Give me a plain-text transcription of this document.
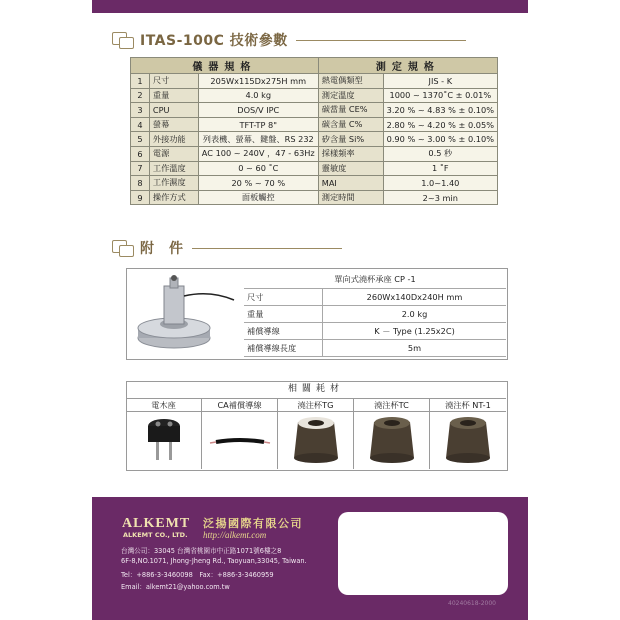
ITAS-100C 技術參數
儀器規格			測定規格	
1	尺寸	205Wx115Dx275H mm	熱電偶類型	JIS - K
2	重量	4.0 kg	測定溫度	1000 ~ 1370˚C ± 0.01%
3	CPU	DOS/V IPC	碳當量 CE%	3.20 % ~ 4.83 % ± 0.10%
4	螢幕	TFT-TP 8"	碳含量 C%	2.80 % ~ 4.20 % ± 0.05%
5	外接功能	列表機、螢幕、鍵盤、RS 232	矽含量 Si%	0.90 % ~ 3.00 % ± 0.10%
6	電源	AC 100 ~ 240V ，47 - 63Hz	採樣頻率	0.5 秒
7	工作溫度	0 ~ 60 ˚C	靈敏度	1 ˚F
8	工作濕度	20 % ~ 70 %	MAI	1.0~1.40
9	操作方式	面板觸控	測定時間	2~3 min
附　件
單向式澆杯承座 CP -1	
尺寸	260Wx140Dx240H mm
重量	2.0 kg
補償導線	K － Type (1.25x2C)
補償導線長度	5m
相關耗材
電木座	CA補償導線	澆注杯TG	澆注杯TC	澆注杯 NT-1
ALKEMT
ALKEMT CO., LTD.
泛揚國際有限公司
http://alkemt.com
台灣公司：33045 台灣省桃園市中正路1071號6樓之8
6F-8,NO.1071, Jhong-Jheng Rd., Taoyuan,33045, Taiwan.
Tel：+886-3-3460098　Fax：+886-3-3460959
Email：alkemt21@yahoo.com.tw
40240618-2000
